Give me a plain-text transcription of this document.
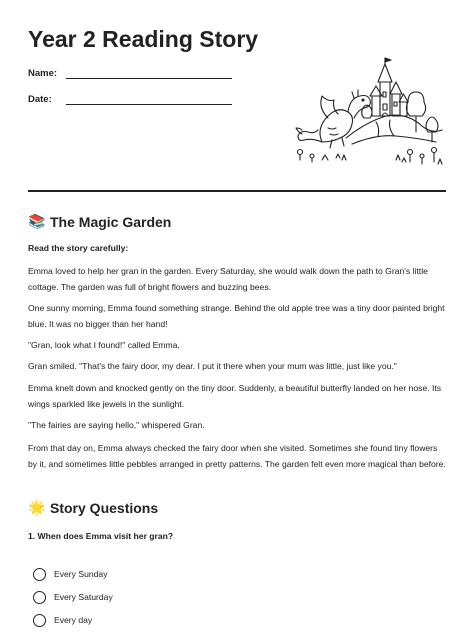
Year 2 Reading Story
Name:
Date:
📚 The Magic Garden
Read the story carefully:
Emma loved to help her gran in the garden. Every Saturday, she would walk down the path to Gran's little cottage. The garden was full of bright flowers and buzzing bees.
One sunny morning, Emma found something strange. Behind the old apple tree was a tiny door painted bright blue. It was no bigger than her hand!
"Gran, look what I found!" called Emma.
Gran smiled. "That's the fairy door, my dear. I put it there when your mum was little, just like you."
Emma knelt down and knocked gently on the tiny door. Suddenly, a beautiful butterfly landed on her nose. Its wings sparkled like jewels in the sunlight.
"The fairies are saying hello," whispered Gran.
From that day on, Emma always checked the fairy door when she visited. Sometimes she found tiny flowers by it, and sometimes little pebbles arranged in pretty patterns. The garden felt even more magical than before.
🌟 Story Questions
1. When does Emma visit her gran?
Every Sunday
Every Saturday
Every day
